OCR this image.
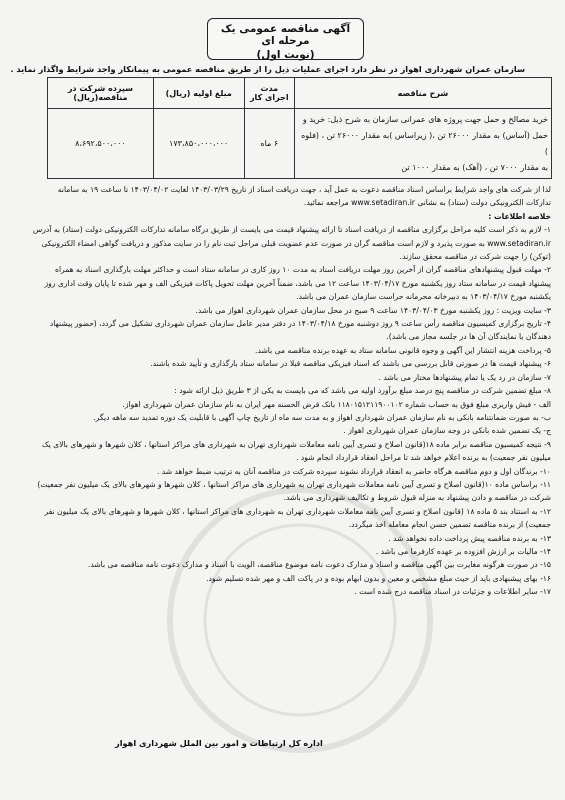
آگهی مناقصه عمومی یک مرحله ای
(نوبت اول)
سازمان عمران شهرداری اهواز در نظر دارد اجرای عملیات ذیل را از طریق مناقصه عمومی به پیمانکار واجد شرایط واگذار نماید .
شرح مناقصه	مدت اجرای کار	مبلغ اولیه (ریال)	سپرده شرکت در مناقصه(ریال)

خرید مصالح و حمل جهت پروژه های عمرانی سازمان به شرح ذیل: خرید و
حمل (آساس) به مقدار ۲۶۰۰۰ تن ،( زیراساس )به مقدار ۲۶۰۰۰ تن ، (فلوه )
به مقدار ۷۰۰۰ تن ، (آهک) به مقدار ۱۰۰۰ تن	۶ ماه	۱۷۳،۸۵۰،۰۰۰،۰۰۰	۸،۶۹۲،۵۰۰،۰۰۰

لذا از شرکت های واجد شرایط براساس اسناد مناقصه دعوت به عمل آید ، جهت دریافت اسناد از تاریخ ۱۴۰۳/۰۳/۲۹ لغایت ۱۴۰۳/۰۴/۰۲ تا ساعت ۱۹ به سامانه

تدارکات الکترونیکی دولت (ستاد) به نشانی www.setadiran.ir مراجعه نمائید.

خلاصه اطلاعات :

۱- لازم به ذکر است کلیه مراحل برگزاری مناقصه از دریافت اسناد تا ارائه پیشنهاد قیمت می بایست از طریق درگاه سامانه تدارکات الکترونیکی دولت (ستاد) به آدرس

www.setadiran.ir به صورت پذیرد و لازم است مناقصه گران در صورت عدم عضویت قبلی مراحل ثبت نام را در سایت مذکور و دریافت گواهی امضاء الکترونیکی

(توکن) را جهت شرکت در مناقصه محقق سازند.

۲- مهلت قبول پیشنهادهای مناقصه گران از آخرین روز مهلت دریافت اسناد به مدت ۱۰ روز کاری در سامانه ستاد است و حداکثر مهلت بارگذاری اسناد به همراه

پیشنهاد قیمت در سامانه ستاد روز یکشنبه مورخ ۱۴۰۳/۰۴/۱۷ ساعت ۱۲ می باشد، ضمناً آخرین مهلت تحویل پاکات فیزیکی الف و مهر شده تا پایان وقت اداری روز

یکشنبه مورخ ۱۴۰۳/۰۴/۱۷ به دبیرخانه محرمانه حراست سازمان عمران می باشد.

۳- سایت ویزیت : روز یکشنبه مورخ ۱۴۰۳/۰۴/۰۳ ساعت ۹ صبح در محل سازمان عمران شهرداری اهواز می باشد.

۴- تاریخ برگزاری کمیسیون مناقصه رأس ساعت ۹ روز دوشنبه مورخ ۱۴۰۳/۰۴/۱۸ در دفتر مدیر عامل سازمان عمران شهرداری تشکیل می گردد، (حضور پیشنهاد

دهندگان یا نمایندگان آن ها در جلسه مجاز می باشد).

۵- پرداخت هزینه انتشار این آگهی و وجوه قانونی سامانه ستاد به عهده برنده مناقصه می باشد.

۶- پیشنهاد قیمت ها در صورتی قابل بررسی می باشند که اسناد فیزیکی مناقصه قبلا در سامانه ستاد بارگذاری و تأیید شده باشند.

۷- سازمان در رد یک یا تمام پیشنهادها مختار می باشد .

۸- مبلغ تضمین شرکت در مناقصه پنج درصد مبلغ برآورد اولیه می باشد که می بایست به یکی از ۳ طریق ذیل ارائه شود :

الف - فیش واریزی مبلغ فوق به حساب شماره ۱۱۸۰۱۵۱۲۱۱۹۰۰۱۰۲ بانک قرض الحسنه مهر ایران به نام سازمان عمران شهرداری اهواز.

ب- به صورت ضمانتنامه بانکی به نام سازمان عمران شهرداری اهواز و به مدت سه ماه از تاریخ چاپ آگهی با قابلیت یک دوره تمدید سه ماهه دیگر.

ج- یک تضمین شده بانکی در وجه سازمان عمران شهرداری اهواز .

۹- نتیجه کمیسیون مناقصه برابر ماده ۱۸(قانون اصلاح و تسری آیین نامه معاملات شهرداری تهران به شهرداری های مراکز استانها ، کلان شهرها و شهرهای بالای یک

میلیون نفر جمعیت) به برنده اعلام خواهد شد تا مراحل انعقاد قرارداد انجام شود .

۱۰- برندگان اول و دوم مناقصه هرگاه حاضر به انعقاد قرارداد نشوند سپرده شرکت در مناقصه آنان به ترتیب ضبط خواهد شد .

۱۱- براساس ماده ۱۰(قانون اصلاح و تسری آیین نامه معاملات شهرداری تهران به شهرداری های مراکز استانها ، کلان شهرها و شهرهای بالای یک میلیون نفر جمعیت)

شرکت در مناقصه و دادن پیشنهاد به منزله قبول شروط و تکالیف شهرداری می باشد.

۱۲- به استناد بند ۵ ماده ۱۸ (قانون اصلاح و تسری آیین نامه معاملات شهرداری تهران به شهرداری های مراکز استانها ، کلان شهرها و شهرهای بالای یک میلیون نفر

جمعیت) از برنده مناقصه تضمین حسن انجام معامله اخذ میگردد.

۱۳- به برنده مناقصه پیش پرداخت داده نخواهد شد .

۱۴- مالیات بر ارزش افزوده بر عهده کارفرما می باشد .

۱۵- در صورت هرگونه مغایرت بین آگهی مناقصه و اسناد و مدارک دعوت نامه موضوع مناقصه، الویت با اسناد و مدارک دعوت نامه مناقصه می باشد.

۱۶- بهای پیشنهادی باید از حیث مبلغ مشخص و معین و بدون ابهام بوده و در پاکت الف و مهر شده تسلیم شود.

۱۷- سایر اطلاعات و جزئیات در اسناد مناقصه درج شده است .

اداره کل ارتباطات و امور بین الملل شهرداری اهواز
